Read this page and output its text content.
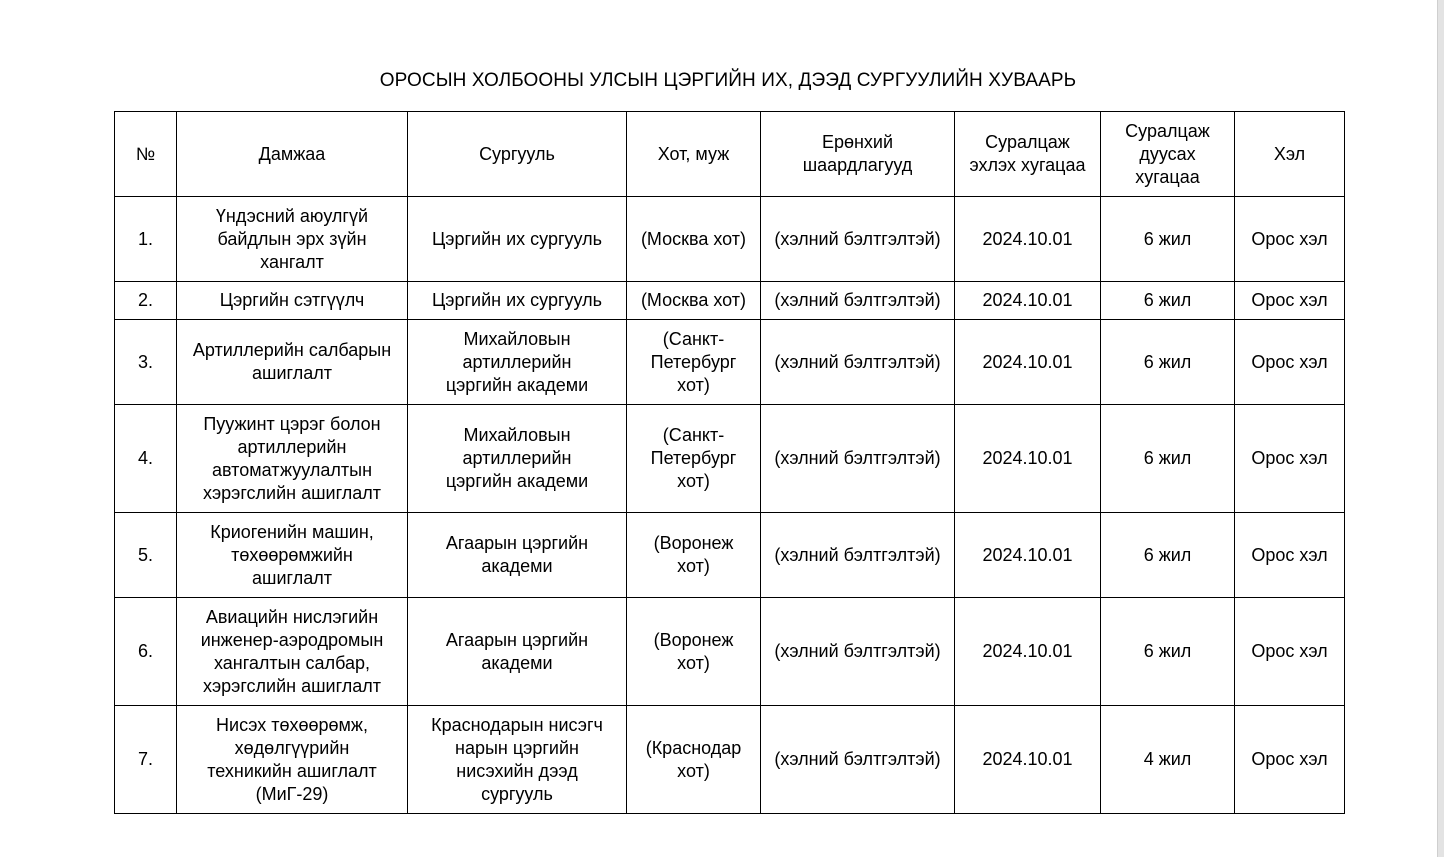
ОРОСЫН ХОЛБООНЫ УЛСЫН ЦЭРГИЙН ИХ, ДЭЭД СУРГУУЛИЙН ХУВААРЬ
№	Дамжаа	Сургууль	Хот, муж	Ерөнхий шаардлагууд	Суралцаж эхлэх хугацаа	Суралцаж дуусах хугацаа	Хэл
1.	Үндэсний аюулгүй байдлын эрх зүйн хангалт	Цэргийн их сургууль	(Москва хот)	(хэлний бэлтгэлтэй)	2024.10.01	6 жил	Орос хэл
2.	Цэргийн сэтгүүлч	Цэргийн их сургууль	(Москва хот)	(хэлний бэлтгэлтэй)	2024.10.01	6 жил	Орос хэл
3.	Артиллерийн салбарын ашиглалт	Михайловын артиллерийн цэргийн академи	(Санкт-Петербург хот)	(хэлний бэлтгэлтэй)	2024.10.01	6 жил	Орос хэл
4.	Пуужинт цэрэг болон артиллерийн автоматжуулалтын хэрэгслийн ашиглалт	Михайловын артиллерийн цэргийн академи	(Санкт-Петербург хот)	(хэлний бэлтгэлтэй)	2024.10.01	6 жил	Орос хэл
5.	Криогенийн машин, төхөөрөмжийн ашиглалт	Агаарын цэргийн академи	(Воронеж хот)	(хэлний бэлтгэлтэй)	2024.10.01	6 жил	Орос хэл
6.	Авиацийн нислэгийн инженер-аэродромын хангалтын салбар, хэрэгслийн ашиглалт	Агаарын цэргийн академи	(Воронеж хот)	(хэлний бэлтгэлтэй)	2024.10.01	6 жил	Орос хэл
7.	Нисэх төхөөрөмж, хөдөлгүүрийн техникийн ашиглалт (МиГ-29)	Краснодарын нисэгч нарын цэргийн нисэхийн дээд сургууль	(Краснодар хот)	(хэлний бэлтгэлтэй)	2024.10.01	4 жил	Орос хэл
